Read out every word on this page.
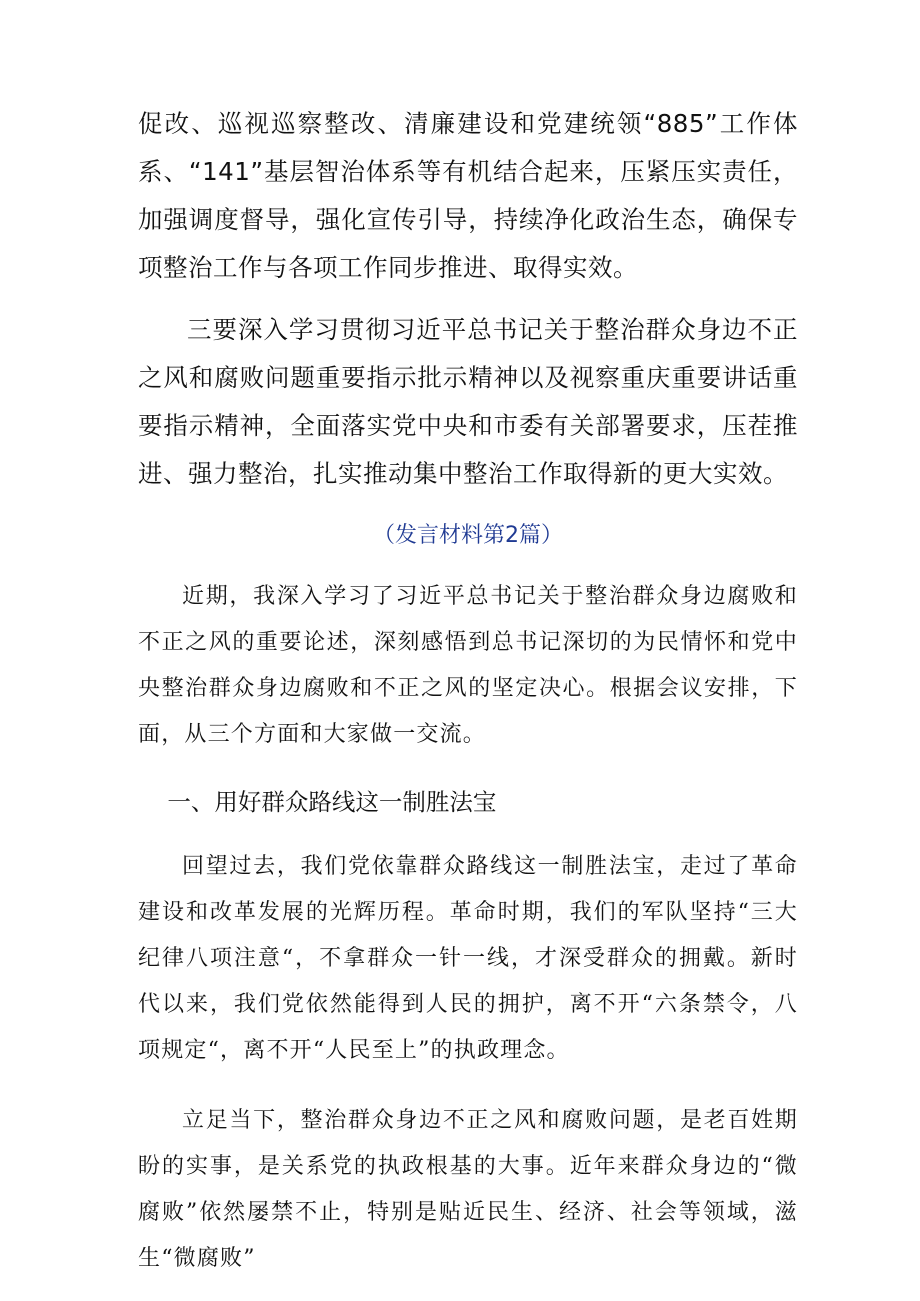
促改、巡视巡察整改、清廉建设和党建统领“885”工作体系、“141”基层智治体系等有机结合起来，压紧压实责任，加强调度督导，强化宣传引导，持续净化政治生态，确保专项整治工作与各项工作同步推进、取得实效。

三要深入学习贯彻习近平总书记关于整治群众身边不正之风和腐败问题重要指示批示精神以及视察重庆重要讲话重要指示精神，全面落实党中央和市委有关部署要求，压茬推进、强力整治，扎实推动集中整治工作取得新的更大实效。

（发言材料第2篇）

近期，我深入学习了习近平总书记关于整治群众身边腐败和不正之风的重要论述，深刻感悟到总书记深切的为民情怀和党中央整治群众身边腐败和不正之风的坚定决心。根据会议安排，下面，从三个方面和大家做一交流。

一、用好群众路线这一制胜法宝

回望过去，我们党依靠群众路线这一制胜法宝，走过了革命建设和改革发展的光辉历程。革命时期，我们的军队坚持“三大纪律八项注意“，不拿群众一针一线，才深受群众的拥戴。新时代以来，我们党依然能得到人民的拥护，离不开“六条禁令，八项规定“，离不开“人民至上”的执政理念。

立足当下，整治群众身边不正之风和腐败问题，是老百姓期盼的实事，是关系党的执政根基的大事。近年来群众身边的“微腐败”依然屡禁不止，特别是贴近民生、经济、社会等领域，滋生“微腐败”
